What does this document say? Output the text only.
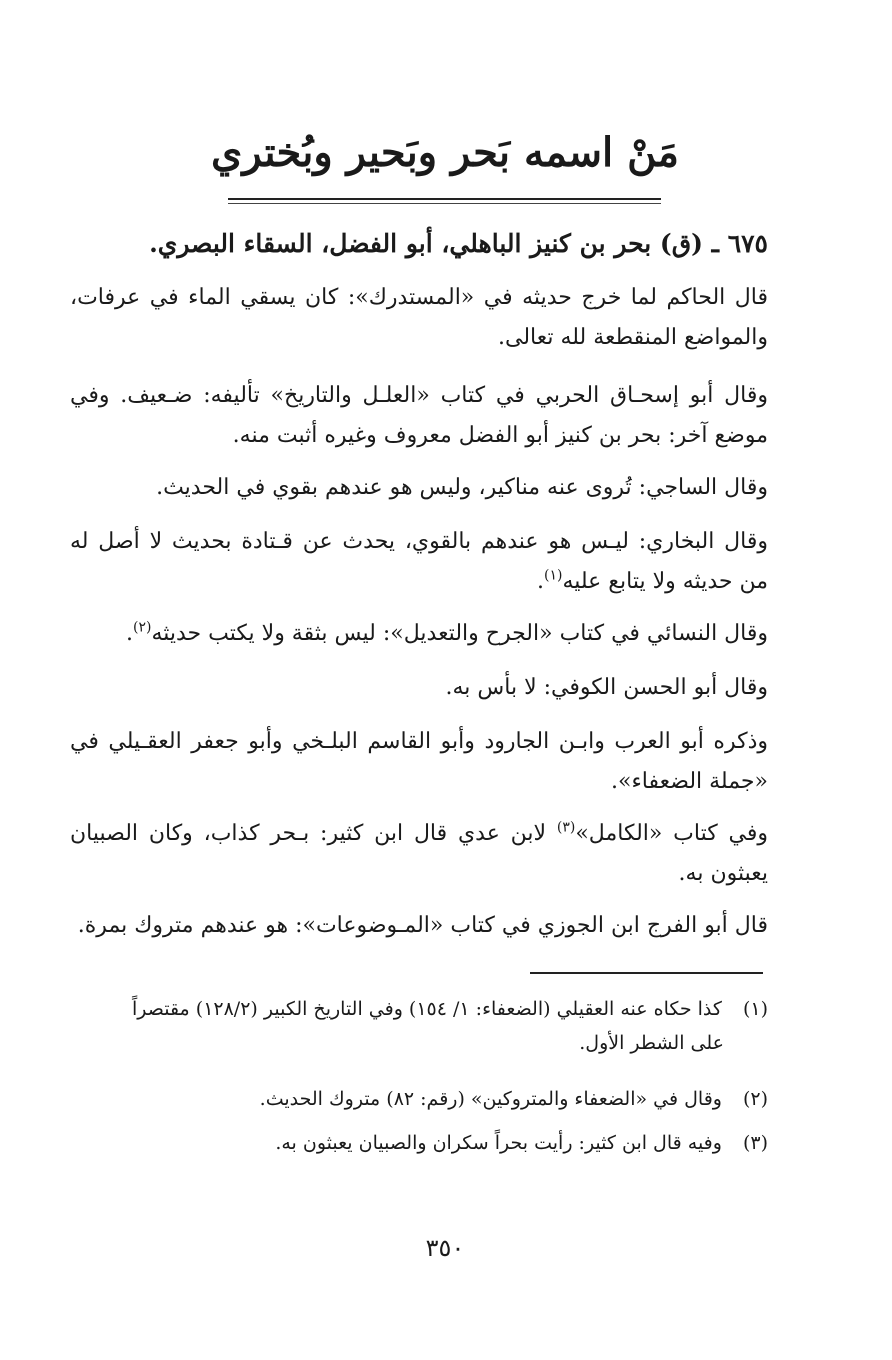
مَنْ اسمه بَحر وبَحير وبُختري
٦٧٥ ـ (ق) بحر بن كنيز الباهلي، أبو الفضل، السقاء البصري.
قال الحاكم لما خرج حديثه في «المستدرك»: كان يسقي الماء في عرفات، والمواضع المنقطعة لله تعالى.
وقال أبو إسحـاق الحربي في كتاب «العلـل والتاريخ» تأليفه: ضـعيف. وفي موضع آخر: بحر بن كنيز أبو الفضل معروف وغيره أثبت منه.
وقال الساجي: تُروى عنه مناكير، وليس هو عندهم بقوي في الحديث.
وقال البخاري: ليـس هو عندهم بالقوي، يحدث عن قـتادة بحديث لا أصل له من حديثه ولا يتابع عليه$^{(١)}$.
وقال النسائي في كتاب «الجرح والتعديل»: ليس بثقة ولا يكتب حديثه$^{(٢)}$.
وقال أبو الحسن الكوفي: لا بأس به.
وذكره أبو العرب وابـن الجارود وأبو القاسم البلـخي وأبو جعفر العقـيلي في «جملة الضعفاء».
وفي كتاب «الكامل»$^{(٣)}$ لابن عدي قال ابن كثير: بـحر كذاب، وكان الصبيان يعبثون به.
قال أبو الفرج ابن الجوزي في كتاب «المـوضوعات»: هو عندهم متروك بمرة.
(١) كذا حكاه عنه العقيلي (الضعفاء: ١/ ١٥٤) وفي التاريخ الكبير (١٢٨/٢) مقتصراً
على الشطر الأول.
(٢) وقال في «الضعفاء والمتروكين» (رقم: ٨٢) متروك الحديث.
(٣) وفيه قال ابن كثير: رأيت بحراً سكران والصبيان يعبثون به.
٣٥٠
